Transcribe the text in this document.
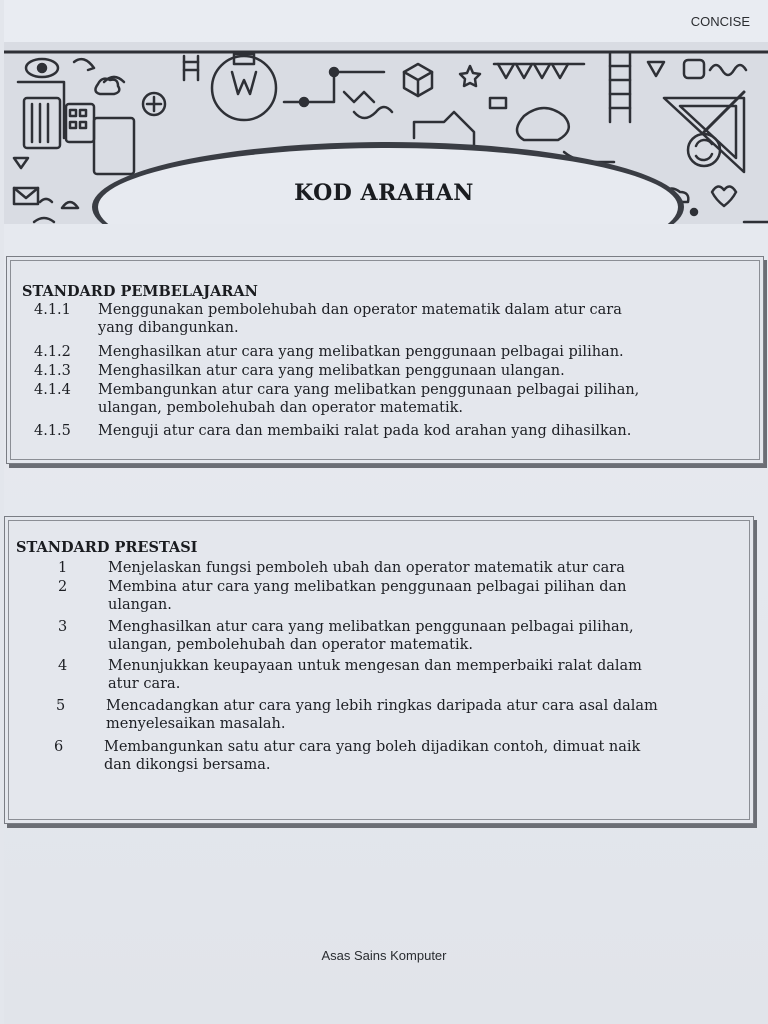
CONCISE
KOD ARAHAN
STANDARD PEMBELAJARAN
4.1.1 Menggunakan pembolehubah dan operator matematik dalam atur cara
yang dibangunkan.
4.1.2 Menghasilkan atur cara yang melibatkan penggunaan pelbagai pilihan.
4.1.3 Menghasilkan atur cara yang melibatkan penggunaan ulangan.
4.1.4 Membangunkan atur cara yang melibatkan penggunaan pelbagai pilihan,
ulangan, pembolehubah dan operator matematik.
4.1.5 Menguji atur cara dan membaiki ralat pada kod arahan yang dihasilkan.
STANDARD PRESTASI
1	Menjelaskan fungsi pemboleh ubah dan operator matematik atur cara
2	Membina atur cara yang melibatkan penggunaan pelbagai pilihan dan
ulangan.
3	Menghasilkan atur cara yang melibatkan penggunaan pelbagai pilihan,
ulangan, pembolehubah dan operator matematik.
4	Menunjukkan keupayaan untuk mengesan dan memperbaiki ralat dalam
atur cara.
5	Mencadangkan atur cara yang lebih ringkas daripada atur cara asal dalam
menyelesaikan masalah.
6	Membangunkan satu atur cara yang boleh dijadikan contoh, dimuat naik
dan dikongsi bersama.
Asas Sains Komputer
